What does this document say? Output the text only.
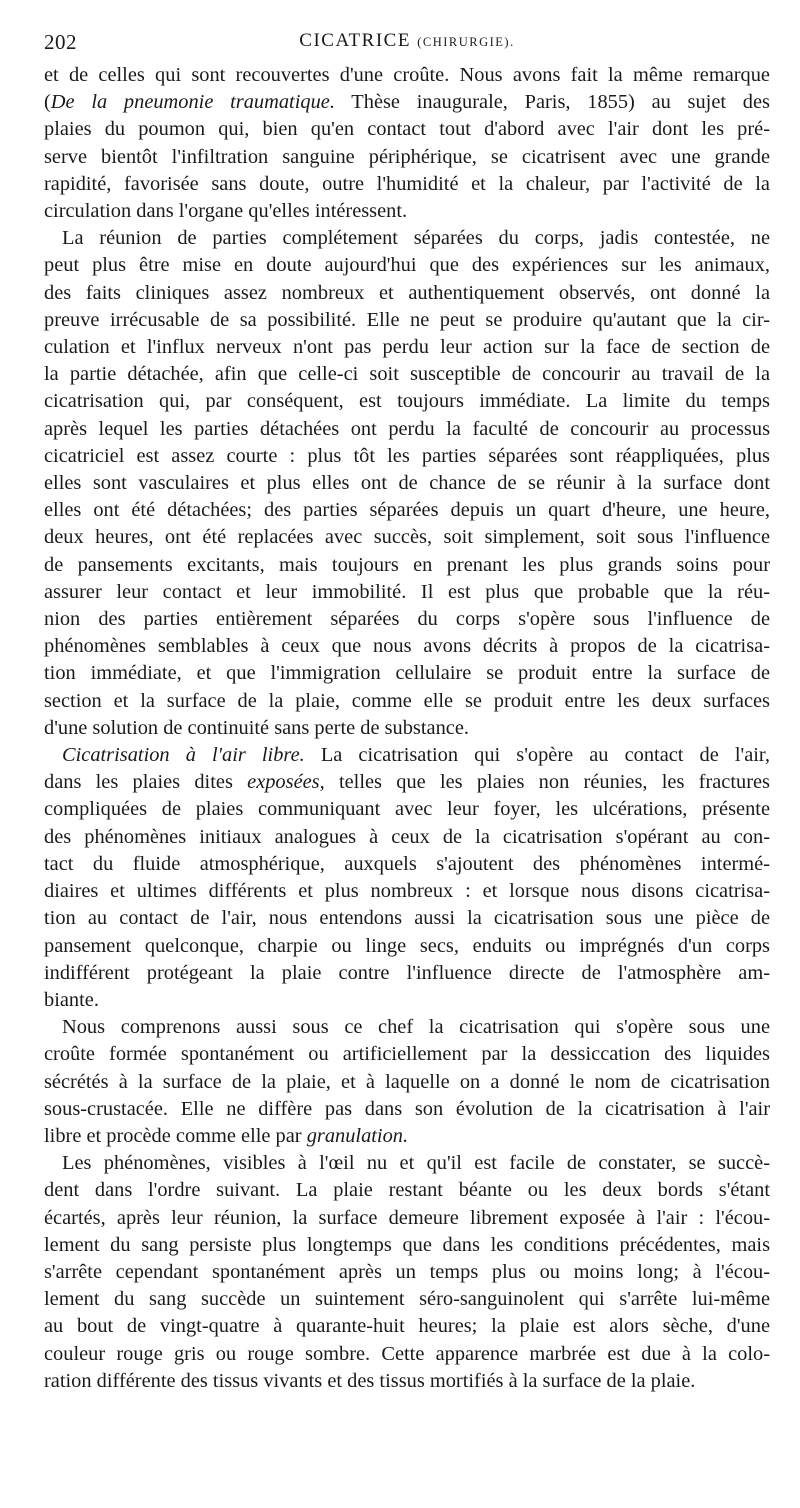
202	CICATRICE (CHIRURGIE).

et de celles qui sont recouvertes d'une croûte. Nous avons fait la même remarque
(De la pneumonie traumatique. Thèse inaugurale, Paris, 1855) au sujet des
plaies du poumon qui, bien qu'en contact tout d'abord avec l'air dont les pré-
serve bientôt l'infiltration sanguine périphérique, se cicatrisent avec une grande
rapidité, favorisée sans doute, outre l'humidité et la chaleur, par l'activité de la
circulation dans l'organe qu'elles intéressent.

La réunion de parties complétement séparées du corps, jadis contestée, ne
peut plus être mise en doute aujourd'hui que des expériences sur les animaux,
des faits cliniques assez nombreux et authentiquement observés, ont donné la
preuve irrécusable de sa possibilité. Elle ne peut se produire qu'autant que la cir-
culation et l'influx nerveux n'ont pas perdu leur action sur la face de section de
la partie détachée, afin que celle-ci soit susceptible de concourir au travail de la
cicatrisation qui, par conséquent, est toujours immédiate. La limite du temps
après lequel les parties détachées ont perdu la faculté de concourir au processus
cicatriciel est assez courte : plus tôt les parties séparées sont réappliquées, plus
elles sont vasculaires et plus elles ont de chance de se réunir à la surface dont
elles ont été détachées; des parties séparées depuis un quart d'heure, une heure,
deux heures, ont été replacées avec succès, soit simplement, soit sous l'influence
de pansements excitants, mais toujours en prenant les plus grands soins pour
assurer leur contact et leur immobilité. Il est plus que probable que la réu-
nion des parties entièrement séparées du corps s'opère sous l'influence de
phénomènes semblables à ceux que nous avons décrits à propos de la cicatrisa-
tion immédiate, et que l'immigration cellulaire se produit entre la surface de
section et la surface de la plaie, comme elle se produit entre les deux surfaces
d'une solution de continuité sans perte de substance.

Cicatrisation à l'air libre. La cicatrisation qui s'opère au contact de l'air,
dans les plaies dites exposées, telles que les plaies non réunies, les fractures
compliquées de plaies communiquant avec leur foyer, les ulcérations, présente
des phénomènes initiaux analogues à ceux de la cicatrisation s'opérant au con-
tact du fluide atmosphérique, auxquels s'ajoutent des phénomènes intermé-
diaires et ultimes différents et plus nombreux : et lorsque nous disons cicatrisa-
tion au contact de l'air, nous entendons aussi la cicatrisation sous une pièce de
pansement quelconque, charpie ou linge secs, enduits ou imprégnés d'un corps
indifférent protégeant la plaie contre l'influence directe de l'atmosphère am-
biante.

Nous comprenons aussi sous ce chef la cicatrisation qui s'opère sous une
croûte formée spontanément ou artificiellement par la dessiccation des liquides
sécrétés à la surface de la plaie, et à laquelle on a donné le nom de cicatrisation
sous-crustacée. Elle ne diffère pas dans son évolution de la cicatrisation à l'air
libre et procède comme elle par granulation.

Les phénomènes, visibles à l'œil nu et qu'il est facile de constater, se succè-
dent dans l'ordre suivant. La plaie restant béante ou les deux bords s'étant
écartés, après leur réunion, la surface demeure librement exposée à l'air : l'écou-
lement du sang persiste plus longtemps que dans les conditions précédentes, mais
s'arrête cependant spontanément après un temps plus ou moins long; à l'écou-
lement du sang succède un suintement séro-sanguinolent qui s'arrête lui-même
au bout de vingt-quatre à quarante-huit heures; la plaie est alors sèche, d'une
couleur rouge gris ou rouge sombre. Cette apparence marbrée est due à la colo-
ration différente des tissus vivants et des tissus mortifiés à la surface de la plaie.
